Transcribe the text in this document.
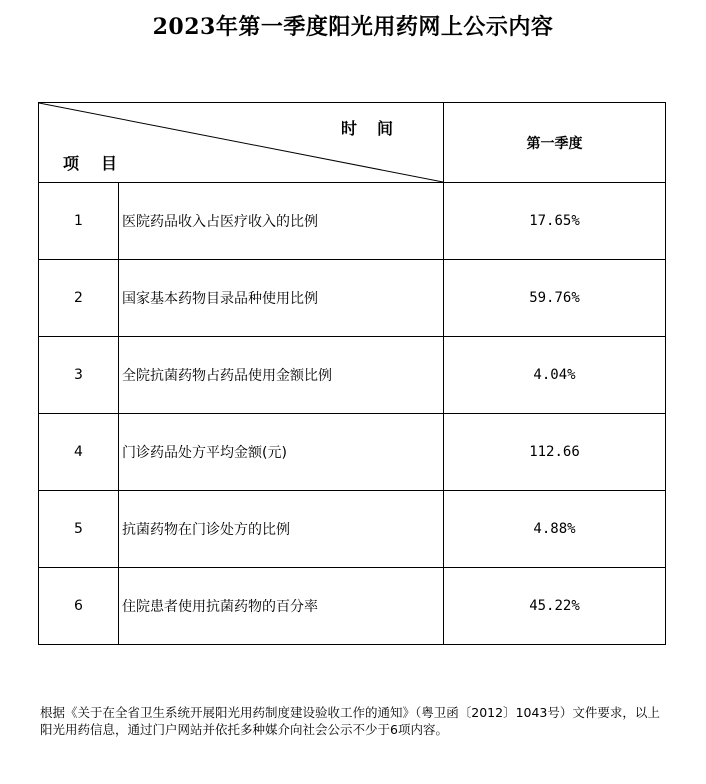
2023年第一季度阳光用药网上公示内容
时间
项目		第一季度
1	医院药品收入占医疗收入的比例	17.65%
2	国家基本药物目录品种使用比例	59.76%
3	全院抗菌药物占药品使用金额比例	4.04%
4	门诊药品处方平均金额(元)	112.66
5	抗菌药物在门诊处方的比例	4.88%
6	住院患者使用抗菌药物的百分率	45.22%
根据《关于在全省卫生系统开展阳光用药制度建设验收工作的通知》（粤卫函〔2012〕1043号）文件要求，以上阳光用药信息，通过门户网站并依托多种媒介向社会公示不少于6项内容。
